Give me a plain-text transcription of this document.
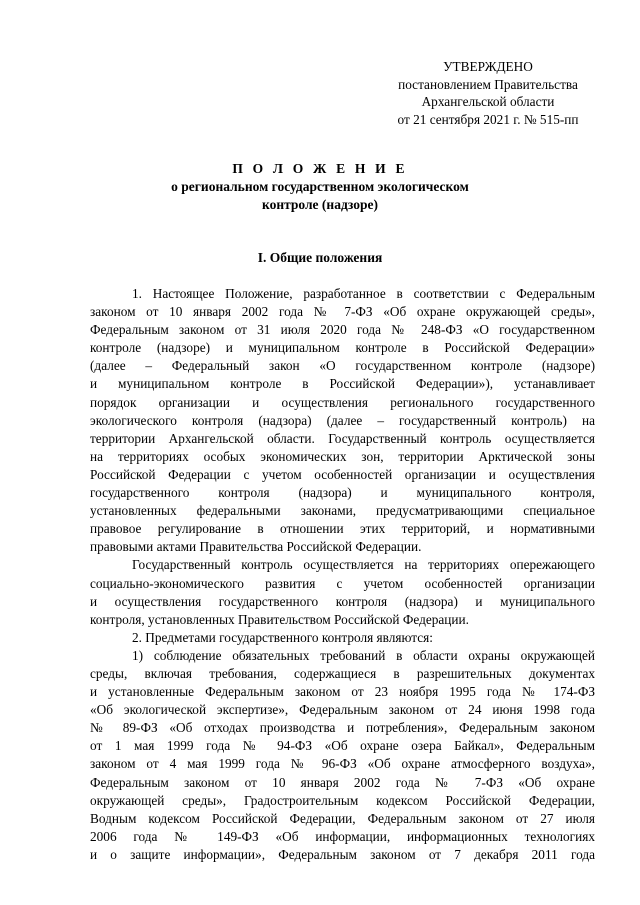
УТВЕРЖДЕНО
постановлением Правительства
Архангельской области
от 21 сентября 2021 г. № 515-пп
П О Л О Ж Е Н И Е
о региональном государственном экологическом
контроле (надзоре)
I. Общие положения
1. Настоящее Положение, разработанное в соответствии с Федеральным
законом от 10 января 2002 года № 7-ФЗ «Об охране окружающей среды»,
Федеральным законом от 31 июля 2020 года № 248-ФЗ «О государственном
контроле (надзоре) и муниципальном контроле в Российской Федерации»
(далее – Федеральный закон «О государственном контроле (надзоре)
и муниципальном контроле в Российской Федерации»), устанавливает
порядок организации и осуществления регионального государственного
экологического контроля (надзора) (далее – государственный контроль) на
территории Архангельской области. Государственный контроль осуществляется
на территориях особых экономических зон, территории Арктической зоны
Российской Федерации с учетом особенностей организации и осуществления
государственного контроля (надзора) и муниципального контроля,
установленных федеральными законами, предусматривающими специальное
правовое регулирование в отношении этих территорий, и нормативными
правовыми актами Правительства Российской Федерации.
Государственный контроль осуществляется на территориях опережающего
социально-экономического развития с учетом особенностей организации
и осуществления государственного контроля (надзора) и муниципального
контроля, установленных Правительством Российской Федерации.
2. Предметами государственного контроля являются:
1) соблюдение обязательных требований в области охраны окружающей
среды, включая требования, содержащиеся в разрешительных документах
и установленные Федеральным законом от 23 ноября 1995 года № 174-ФЗ
«Об экологической экспертизе», Федеральным законом от 24 июня 1998 года
№ 89-ФЗ «Об отходах производства и потребления», Федеральным законом
от 1 мая 1999 года № 94-ФЗ «Об охране озера Байкал», Федеральным
законом от 4 мая 1999 года № 96-ФЗ «Об охране атмосферного воздуха»,
Федеральным законом от 10 января 2002 года № 7-ФЗ «Об охране
окружающей среды», Градостроительным кодексом Российской Федерации,
Водным кодексом Российской Федерации, Федеральным законом от 27 июля
2006 года № 149-ФЗ «Об информации, информационных технологиях
и о защите информации», Федеральным законом от 7 декабря 2011 года
